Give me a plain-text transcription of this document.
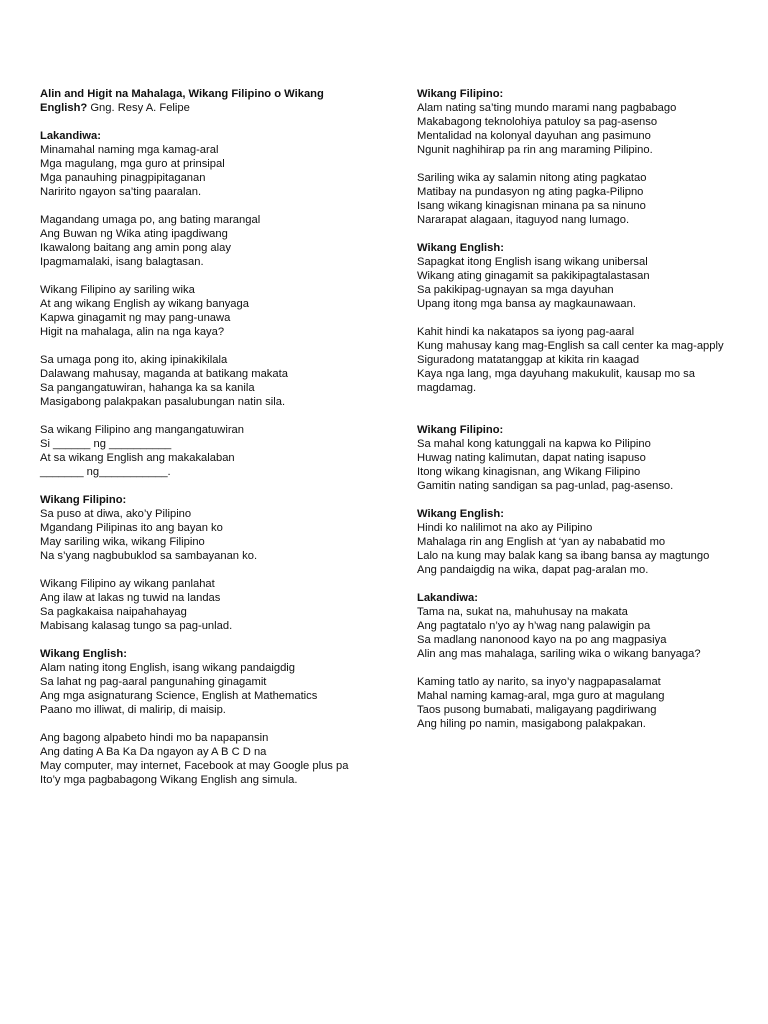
Alin and Higit na Mahalaga, Wikang Filipino o Wikang English? Gng. Resy A. Felipe
Lakandiwa:
Minamahal naming mga kamag-aral
Mga magulang, mga guro at prinsipal
Mga panauhing pinagpipitaganan
Naririto ngayon sa’ting paaralan.
Magandang umaga po, ang bating marangal
Ang Buwan ng Wika ating ipagdiwang
Ikawalong baitang ang amin pong alay
Ipagmamalaki, isang balagtasan.
Wikang Filipino ay sariling wika
At ang wikang English ay wikang banyaga
Kapwa ginagamit ng may pang-unawa
Higit na mahalaga, alin na nga kaya?
Sa umaga pong ito, aking ipinakikilala
Dalawang mahusay, maganda at batikang makata
Sa pangangatuwiran, hahanga ka sa kanila
Masigabong palakpakan pasalubungan natin sila.
Sa wikang Filipino ang mangangatuwiran
Si ______ ng __________
At sa wikang English ang makakalaban
_______ ng___________.
Wikang Filipino:
Sa puso at diwa, ako’y Pilipino
Mgandang Pilipinas ito ang bayan ko
May sariling wika, wikang Filipino
Na s’yang nagbubuklod sa sambayanan ko.
Wikang Filipino ay wikang panlahat
Ang ilaw at lakas ng tuwid na landas
Sa pagkakaisa naipahahayag
Mabisang kalasag tungo sa pag-unlad.
Wikang English:
Alam nating itong English, isang wikang pandaigdig
Sa lahat ng pag-aaral pangunahing ginagamit
Ang mga asignaturang Science, English at Mathematics
Paano mo illiwat, di malirip, di maisip.
Ang bagong alpabeto hindi mo ba napapansin
Ang dating A Ba Ka Da ngayon ay A B C D na
May computer, may internet, Facebook at may Google plus pa
Ito’y mga pagbabagong Wikang English ang simula.
Wikang Filipino:
Alam nating sa’ting mundo marami nang pagbabago
Makabagong teknolohiya patuloy sa pag-asenso
Mentalidad na kolonyal dayuhan ang pasimuno
Ngunit naghihirap pa rin ang maraming Pilipino.
Sariling wika ay salamin nitong ating pagkatao
Matibay na pundasyon ng ating pagka-Pilipno
Isang wikang kinagisnan minana pa sa ninuno
Nararapat alagaan, itaguyod nang lumago.
Wikang English:
Sapagkat itong English isang wikang unibersal
Wikang ating ginagamit sa pakikipagtalastasan
Sa pakikipag-ugnayan sa mga dayuhan
Upang itong mga bansa ay magkaunawaan.
Kahit hindi ka nakatapos sa iyong pag-aaral
Kung mahusay kang mag-English sa call center ka mag-apply
Siguradong matatanggap at kikita rin kaagad
Kaya nga lang, mga dayuhang makukulit, kausap mo sa
magdamag.
Wikang Filipino:
Sa mahal kong katunggali na kapwa ko Pilipino
Huwag nating kalimutan, dapat nating isapuso
Itong wikang kinagisnan, ang Wikang Filipino
Gamitin nating sandigan sa pag-unlad, pag-asenso.
Wikang English:
Hindi ko nalilimot na ako ay Pilipino
Mahalaga rin ang English at ‘yan ay nababatid mo
Lalo na kung may balak kang sa ibang bansa ay magtungo
Ang pandaigdig na wika, dapat pag-aralan mo.
Lakandiwa:
Tama na, sukat na, mahuhusay na makata
Ang pagtatalo n’yo ay h’wag nang palawigin pa
Sa madlang nanonood kayo na po ang magpasiya
Alin ang mas mahalaga, sariling wika o wikang banyaga?
Kaming tatlo ay narito, sa inyo’y nagpapasalamat
Mahal naming kamag-aral, mga guro at magulang
Taos pusong bumabati, maligayang pagdiriwang
Ang hiling po namin, masigabong palakpakan.
